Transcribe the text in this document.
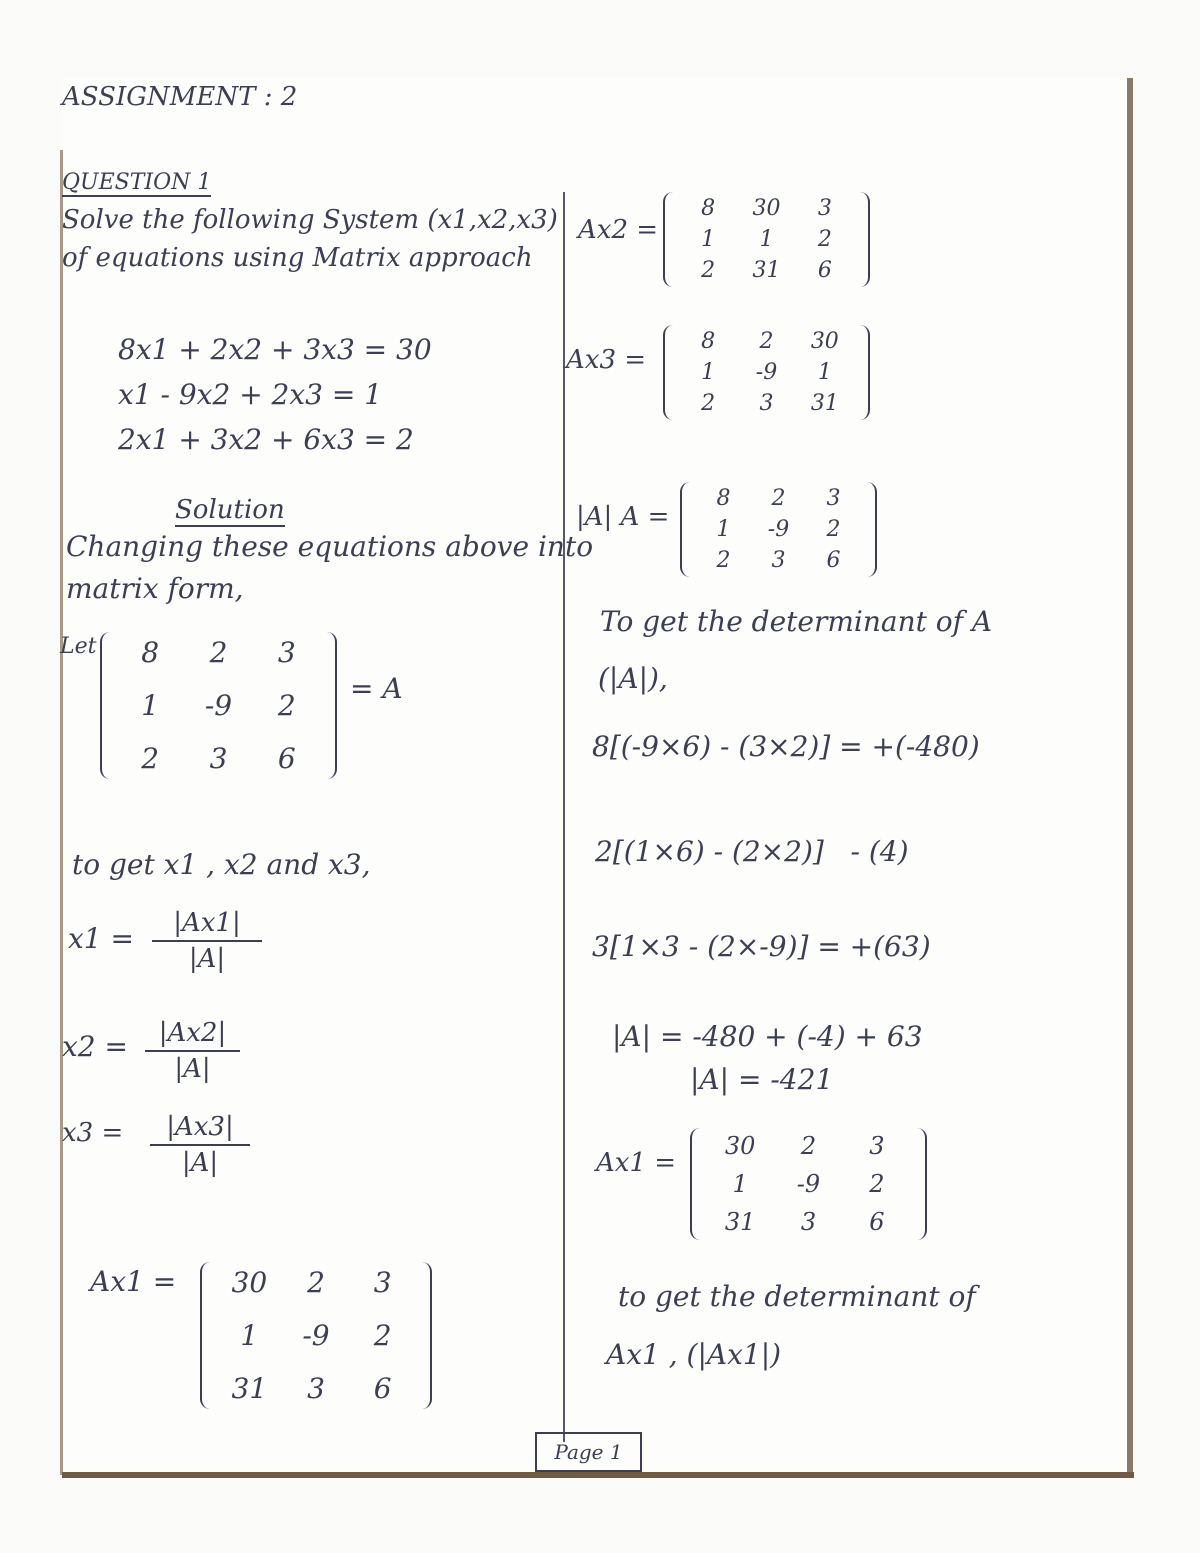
ASSIGNMENT : 2
QUESTION 1
Solve the following System (x1,x2,x3)
of equations using Matrix approach
8x1 + 2x2 + 3x3 = 30
x1 - 9x2 + 2x3 = 1
2x1 + 3x2 + 6x3 = 2
Solution
Changing these equations above into
matrix form,
Let	8	2	3
1	-9	2
2	3	6
= A
to get x1 , x2 and x3,
x1 =	|Ax1|
|A|
x2 =	|Ax2|
|A|
x3 =	|Ax3|
|A|
Ax1 =	30	2	3
1	-9	2
31	3	6
Ax2 =
8	30	3
1	1	2
2	31	6
Ax3 =
8	2	30
1	-9	1
2	3	31
|A| A =
8	2	3
1	-9	2
2	3	6
To get the determinant of A
(|A|),
8[(-9×6) - (3×2)] = +(-480)
2[(1×6) - (2×2)]   - (4)
3[1×3 - (2×-9)] = +(63)
|A| = -480 + (-4) + 63
|A| = -421
Ax1 =
30	2	3
1	-9	2
31	3	6
to get the determinant of
Ax1 , (|Ax1|)
Page 1
